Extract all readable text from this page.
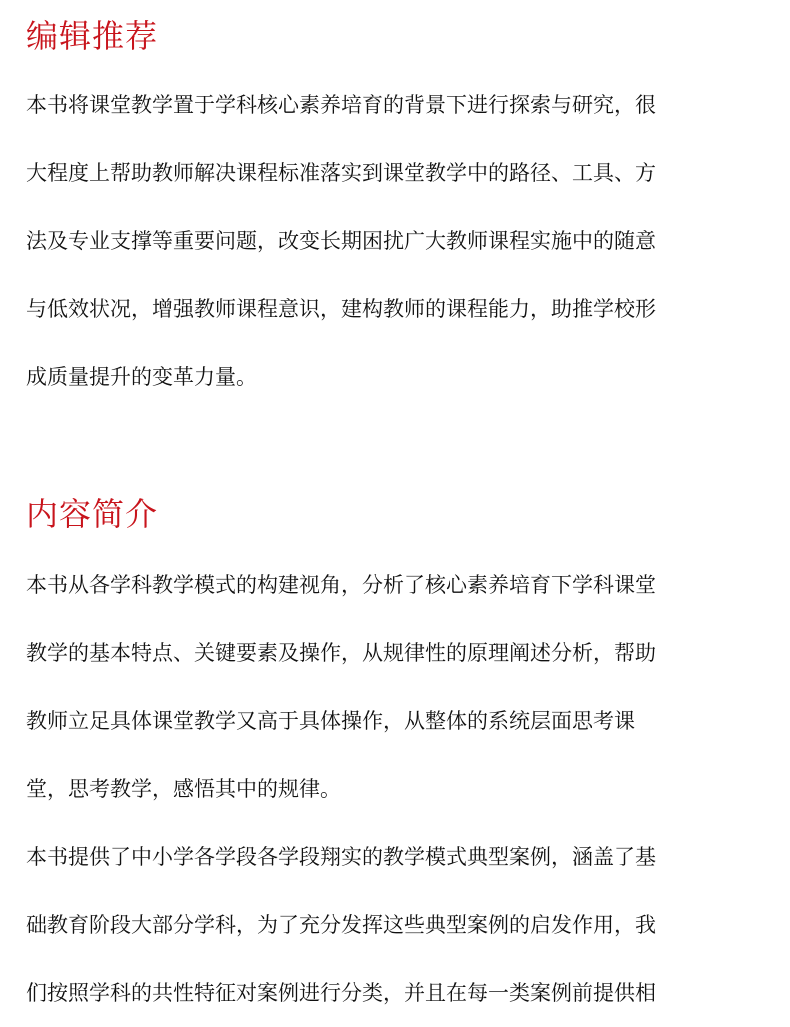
编辑推荐
本书将课堂教学置于学科核心素养培育的背景下进行探索与研究，很
大程度上帮助教师解决课程标准落实到课堂教学中的路径、工具、方
法及专业支撑等重要问题，改变长期困扰广大教师课程实施中的随意
与低效状况，增强教师课程意识，建构教师的课程能力，助推学校形
成质量提升的变革力量。
内容简介
本书从各学科教学模式的构建视角，分析了核心素养培育下学科课堂
教学的基本特点、关键要素及操作，从规律性的原理阐述分析，帮助
教师立足具体课堂教学又高于具体操作，从整体的系统层面思考课
堂，思考教学，感悟其中的规律。
本书提供了中小学各学段各学段翔实的教学模式典型案例，涵盖了基
础教育阶段大部分学科，为了充分发挥这些典型案例的启发作用，我
们按照学科的共性特征对案例进行分类，并且在每一类案例前提供相
